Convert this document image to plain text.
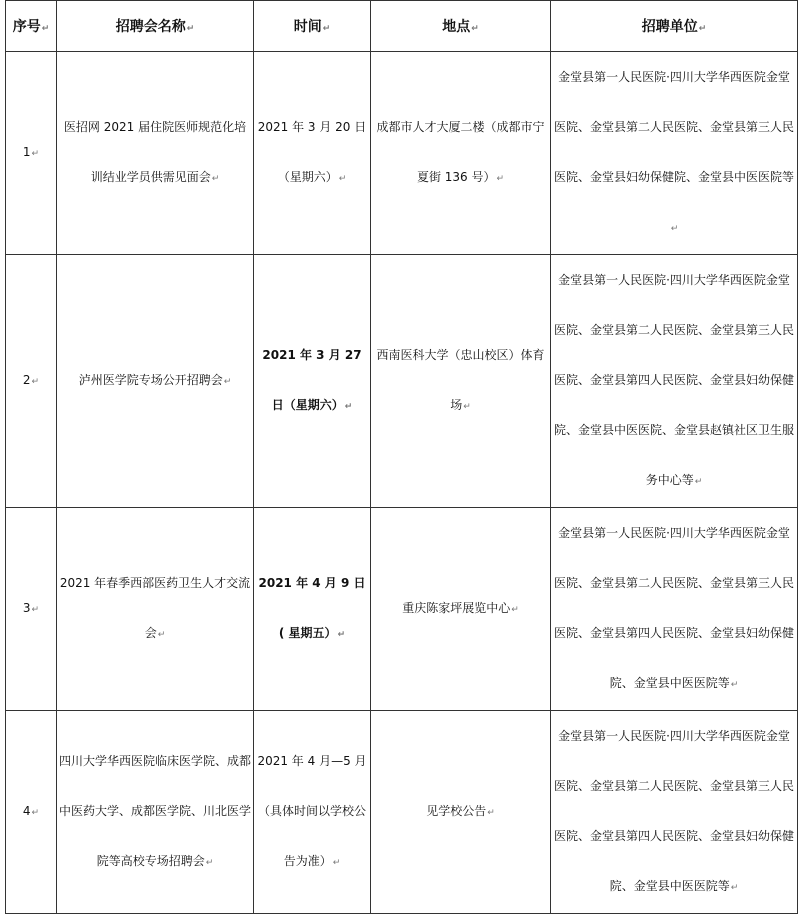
序号↵	招聘会名称↵	时间↵	地点↵	招聘单位↵
1↵	医招网 2021 届住院医师规范化培训结业学员供需见面会↵	2021 年 3 月 20 日（星期六）↵	成都市人才大厦二楼（成都市宁夏街 136 号）↵	金堂县第一人民医院·四川大学华西医院金堂医院、金堂县第二人民医院、金堂县第三人民医院、金堂县妇幼保健院、金堂县中医医院等↵
2↵	泸州医学院专场公开招聘会↵	2021 年 3 月 27 日（星期六）↵	西南医科大学（忠山校区）体育场↵	金堂县第一人民医院·四川大学华西医院金堂医院、金堂县第二人民医院、金堂县第三人民医院、金堂县第四人民医院、金堂县妇幼保健院、金堂县中医医院、金堂县赵镇社区卫生服务中心等↵
3↵	2021 年春季西部医药卫生人才交流会↵	2021 年 4 月 9 日( 星期五）↵	重庆陈家坪展览中心↵	金堂县第一人民医院·四川大学华西医院金堂医院、金堂县第二人民医院、金堂县第三人民医院、金堂县第四人民医院、金堂县妇幼保健院、金堂县中医医院等↵
4↵	四川大学华西医院临床医学院、成都中医药大学、成都医学院、川北医学院等高校专场招聘会↵	2021 年 4 月—5 月（具体时间以学校公告为准）↵	见学校公告↵	金堂县第一人民医院·四川大学华西医院金堂医院、金堂县第二人民医院、金堂县第三人民医院、金堂县第四人民医院、金堂县妇幼保健院、金堂县中医医院等↵
